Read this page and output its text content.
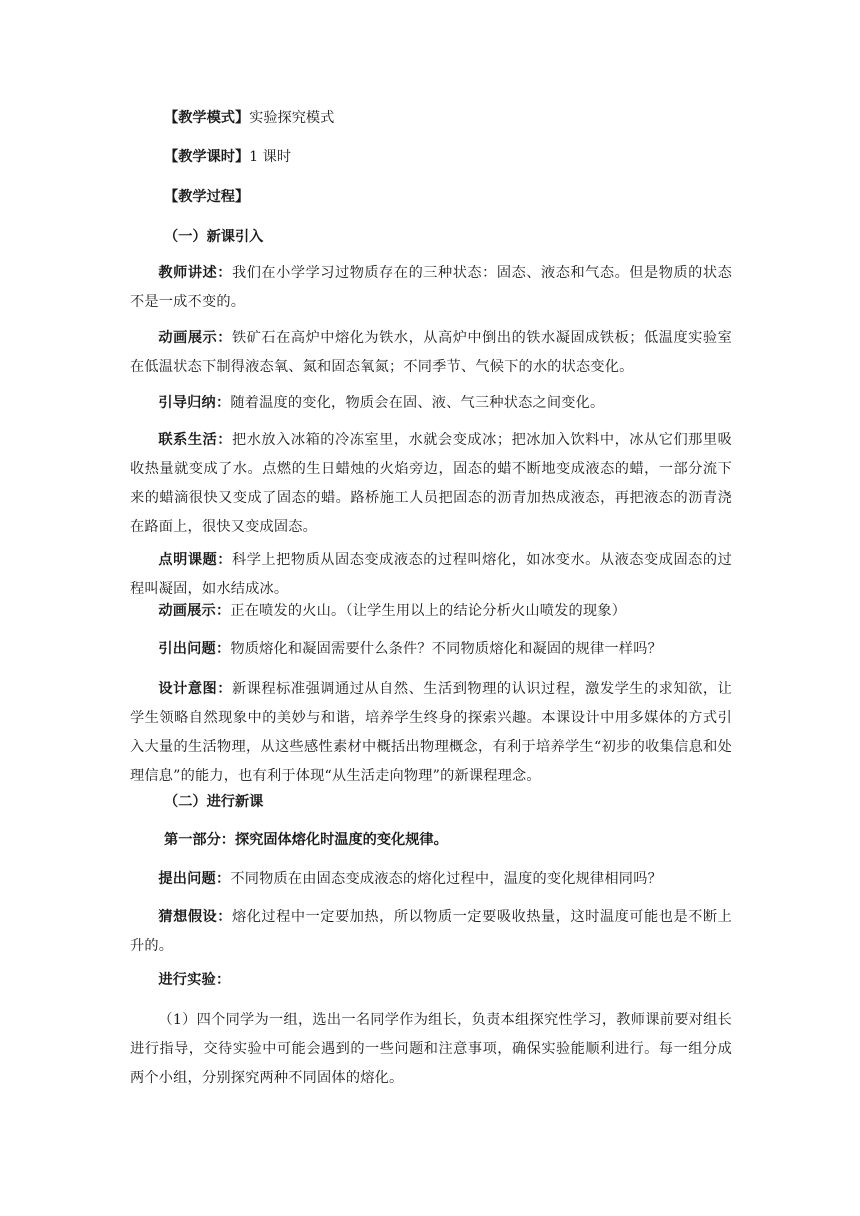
【教学模式】实验探究模式
【教学课时】1 课时
【教学过程】
（一）新课引入
教师讲述：我们在小学学习过物质存在的三种状态：固态、液态和气态。但是物质的状态不是一成不变的。
动画展示：铁矿石在高炉中熔化为铁水，从高炉中倒出的铁水凝固成铁板；低温度实验室在低温状态下制得液态氧、氮和固态氧氮；不同季节、气候下的水的状态变化。
引导归纳：随着温度的变化，物质会在固、液、气三种状态之间变化。
联系生活：把水放入冰箱的冷冻室里，水就会变成冰；把冰加入饮料中，冰从它们那里吸收热量就变成了水。点燃的生日蜡烛的火焰旁边，固态的蜡不断地变成液态的蜡，一部分流下来的蜡滴很快又变成了固态的蜡。路桥施工人员把固态的沥青加热成液态，再把液态的沥青浇在路面上，很快又变成固态。
点明课题：科学上把物质从固态变成液态的过程叫熔化，如冰变水。从液态变成固态的过程叫凝固，如水结成冰。
动画展示：正在喷发的火山。（让学生用以上的结论分析火山喷发的现象）
引出问题：物质熔化和凝固需要什么条件？不同物质熔化和凝固的规律一样吗？
设计意图：新课程标准强调通过从自然、生活到物理的认识过程，激发学生的求知欲，让学生领略自然现象中的美妙与和谐，培养学生终身的探索兴趣。本课设计中用多媒体的方式引入大量的生活物理，从这些感性素材中概括出物理概念，有利于培养学生“初步的收集信息和处理信息”的能力，也有利于体现“从生活走向物理”的新课程理念。
（二）进行新课
第一部分：探究固体熔化时温度的变化规律。
提出问题：不同物质在由固态变成液态的熔化过程中，温度的变化规律相同吗？
猜想假设：熔化过程中一定要加热，所以物质一定要吸收热量，这时温度可能也是不断上升的。
进行实验：
（1）四个同学为一组，选出一名同学作为组长，负责本组探究性学习，教师课前要对组长进行指导，交待实验中可能会遇到的一些问题和注意事项，确保实验能顺利进行。每一组分成两个小组，分别探究两种不同固体的熔化。
